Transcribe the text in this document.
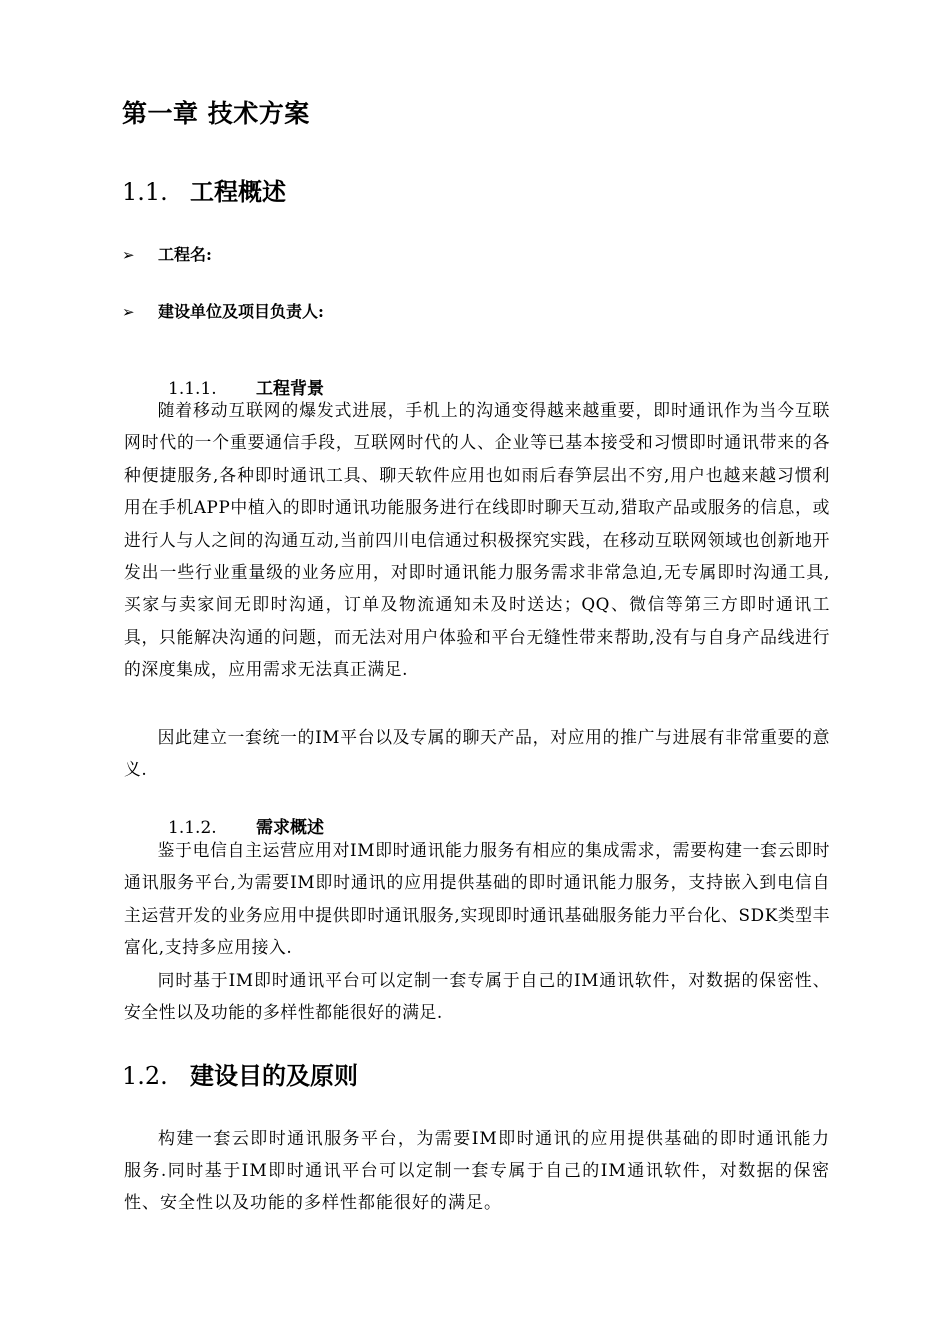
第一章 技术方案
1.1. 工程概述
➢ 工程名:
➢ 建设单位及项目负责人:
1.1.1. 工程背景

随着移动互联网的爆发式进展，手机上的沟通变得越来越重要，即时通讯作为当今互联网时代的一个重要通信手段，互联网时代的人、企业等已基本接受和习惯即时通讯带来的各种便捷服务,各种即时通讯工具、聊天软件应用也如雨后春笋层出不穷,用户也越来越习惯利用在手机APP中植入的即时通讯功能服务进行在线即时聊天互动,猎取产品或服务的信息，或进行人与人之间的沟通互动,当前四川电信通过积极探究实践，在移动互联网领域也创新地开发出一些行业重量级的业务应用，对即时通讯能力服务需求非常急迫,无专属即时沟通工具,买家与卖家间无即时沟通，订单及物流通知未及时送达；QQ、微信等第三方即时通讯工具，只能解决沟通的问题，而无法对用户体验和平台无缝性带来帮助,没有与自身产品线进行的深度集成，应用需求无法真正满足.

因此建立一套统一的IM平台以及专属的聊天产品，对应用的推广与进展有非常重要的意义.

1.1.2. 需求概述

鉴于电信自主运营应用对IM即时通讯能力服务有相应的集成需求，需要构建一套云即时通讯服务平台,为需要IM即时通讯的应用提供基础的即时通讯能力服务，支持嵌入到电信自主运营开发的业务应用中提供即时通讯服务,实现即时通讯基础服务能力平台化、SDK类型丰富化,支持多应用接入.

同时基于IM即时通讯平台可以定制一套专属于自己的IM通讯软件，对数据的保密性、安全性以及功能的多样性都能很好的满足.

1.2. 建设目的及原则

构建一套云即时通讯服务平台，为需要IM即时通讯的应用提供基础的即时通讯能力服务.同时基于IM即时通讯平台可以定制一套专属于自己的IM通讯软件，对数据的保密性、安全性以及功能的多样性都能很好的满足。
